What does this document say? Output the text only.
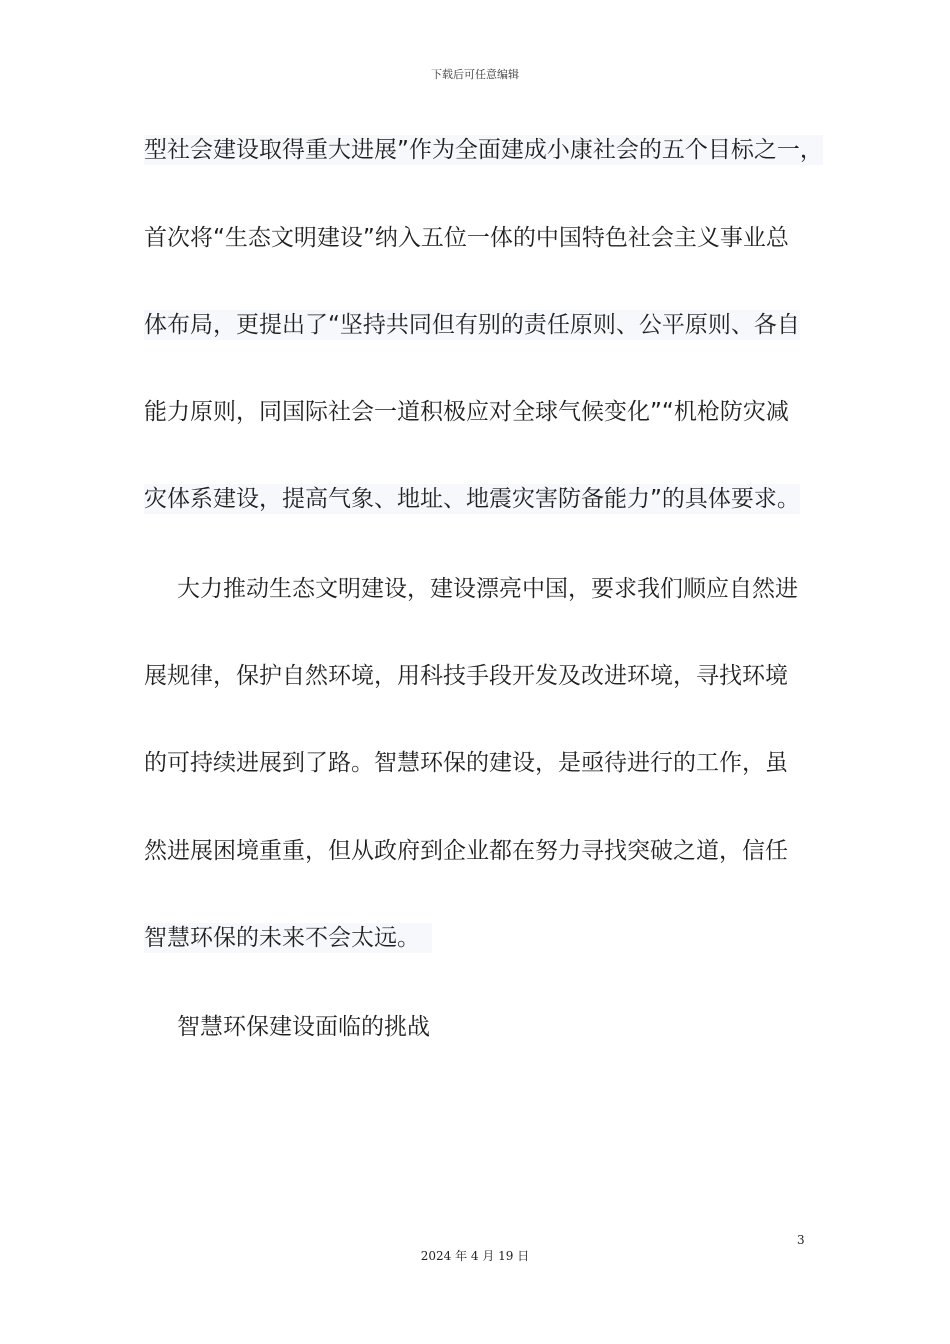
下载后可任意编辑
型社会建设取得重大进展”作为全面建成小康社会的五个目标之一，
首次将“生态文明建设”纳入五位一体的中国特色社会主义事业总
体布局，更提出了“坚持共同但有别的责任原则、公平原则、各自
能力原则，同国际社会一道积极应对全球气候变化”“机枪防灾减
灾体系建设，提高气象、地址、地震灾害防备能力”的具体要求。
大力推动生态文明建设，建设漂亮中国，要求我们顺应自然进
展规律，保护自然环境，用科技手段开发及改进环境，寻找环境
的可持续进展到了路。智慧环保的建设，是亟待进行的工作，虽
然进展困境重重，但从政府到企业都在努力寻找突破之道，信任
智慧环保的未来不会太远。
智慧环保建设面临的挑战
3
2024 年 4 月 19 日
